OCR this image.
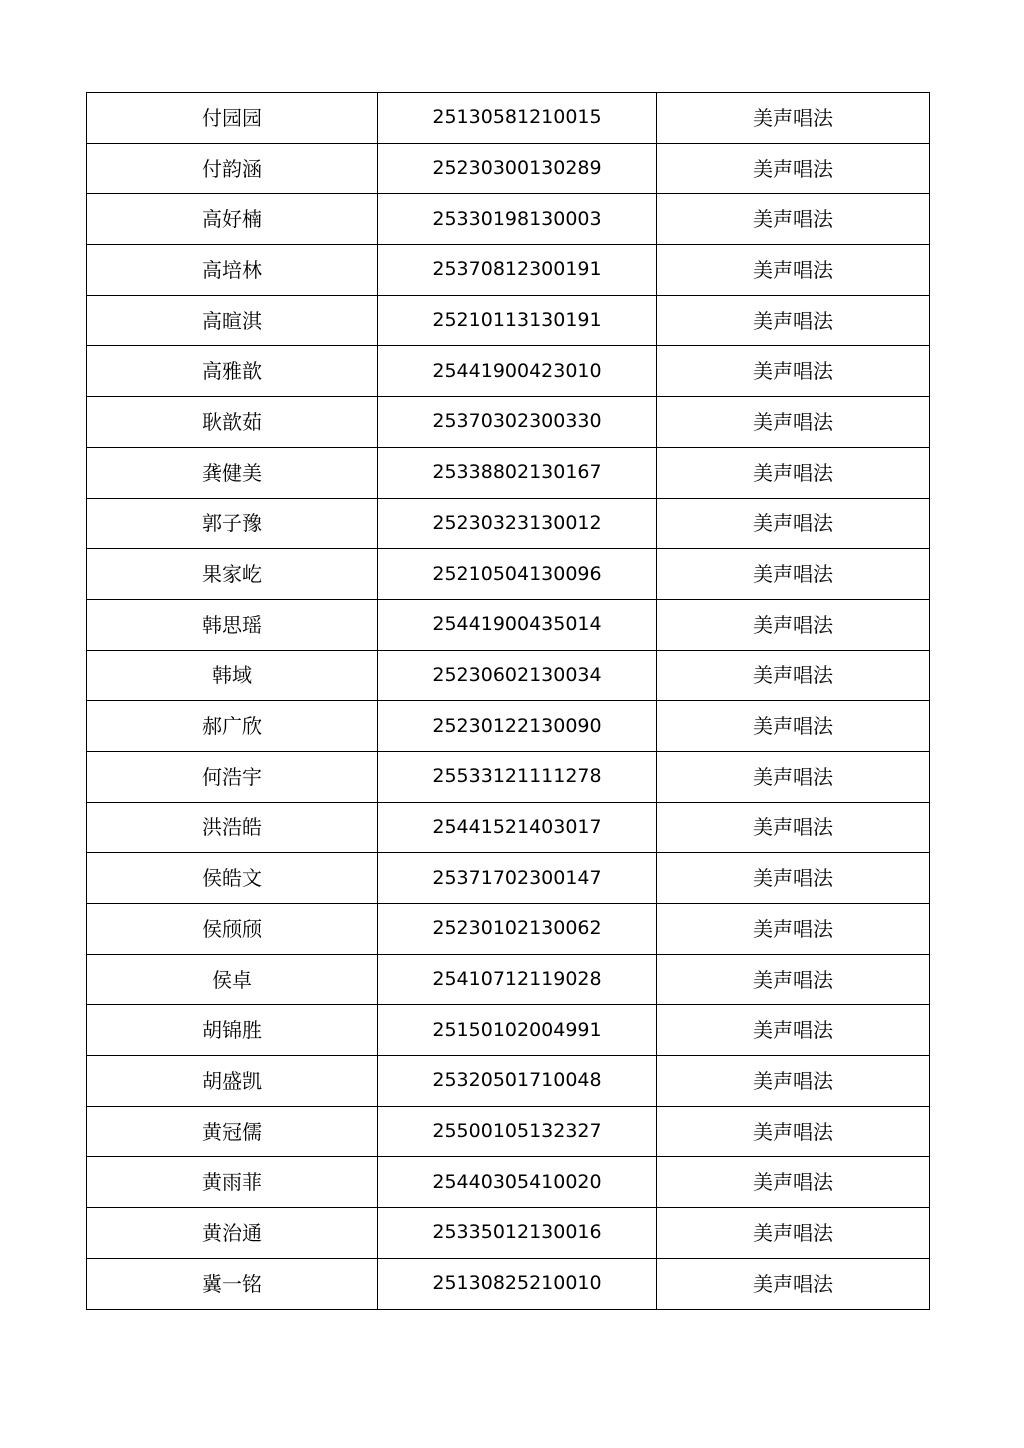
付园园	25130581210015	美声唱法
付韵涵	25230300130289	美声唱法
高好楠	25330198130003	美声唱法
高培林	25370812300191	美声唱法
高暄淇	25210113130191	美声唱法
高雅歆	25441900423010	美声唱法
耿歆茹	25370302300330	美声唱法
龚健美	25338802130167	美声唱法
郭子豫	25230323130012	美声唱法
果家屹	25210504130096	美声唱法
韩思瑶	25441900435014	美声唱法
韩域	25230602130034	美声唱法
郝广欣	25230122130090	美声唱法
何浩宇	25533121111278	美声唱法
洪浩皓	25441521403017	美声唱法
侯皓文	25371702300147	美声唱法
侯颀颀	25230102130062	美声唱法
侯卓	25410712119028	美声唱法
胡锦胜	25150102004991	美声唱法
胡盛凯	25320501710048	美声唱法
黄冠儒	25500105132327	美声唱法
黄雨菲	25440305410020	美声唱法
黄治通	25335012130016	美声唱法
冀一铭	25130825210010	美声唱法
